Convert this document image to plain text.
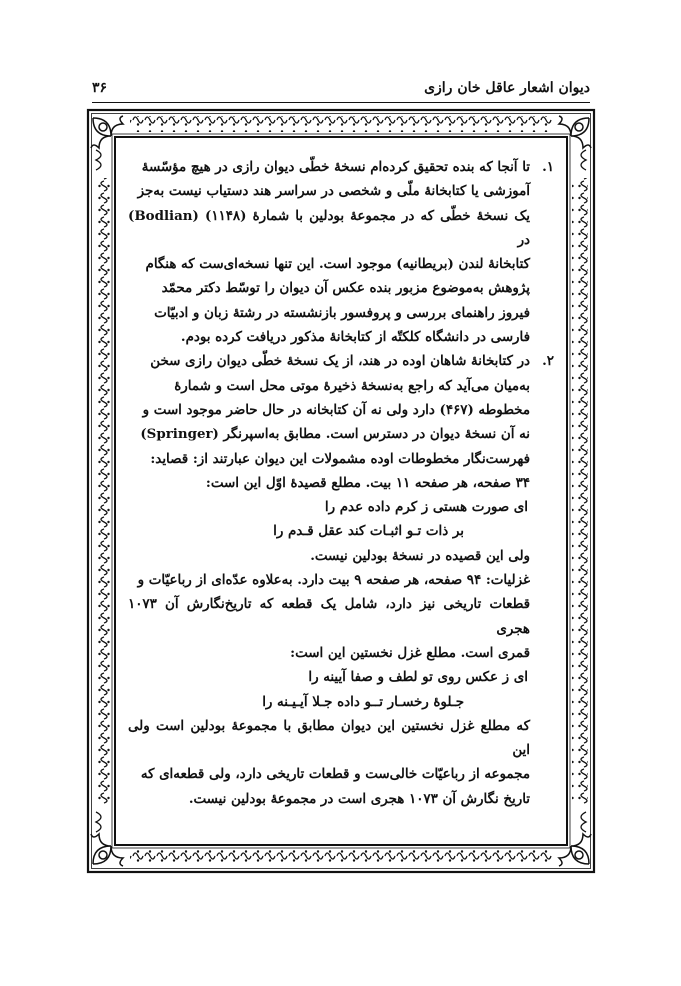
دیوان اشعار عاقل خان رازی
۳۶
۱.

تا آنجا که بنده تحقیق کرده‌ام نسخهٔ خطّی دیوان رازی در هیچ مؤسّسهٔ

آموزشی یا کتابخانهٔ ملّی و شخصی در سراسر هند دستیاب نیست به‌جز

یک نسخهٔ خطّی که در مجموعهٔ بودلین با شمارهٔ (۱۱۴۸) (Bodlian) در

کتابخانهٔ لندن (بریطانیه) موجود است. این تنها نسخه‌ای‌ست که هنگام

پژوهش به‌موضوع مزبور بنده عکس آن دیوان را توسّط دکتر محمّد

فیروز راهنمای بررسی و پروفسور بازنشسته در رشتهٔ زبان و ادبیّات

فارسی در دانشگاه کلکتّه از کتابخانهٔ مذکور دریافت کرده بودم.

۲.

در کتابخانهٔ شاهان اوده در هند، از یک نسخهٔ خطّی دیوان رازی سخن

به‌میان می‌آید که راجع به‌نسخهٔ ذخیرهٔ موتی محل است و شمارهٔ

مخطوطه (۴۶۷) دارد ولی نه آن کتابخانه در حال حاضر موجود است و

نه آن نسخهٔ دیوان در دسترس است. مطابق به‌اسپرنگر (Springer)

فهرست‌نگار مخطوطات اوده مشمولات این دیوان عبارتند از: قصاید:

۳۴ صفحه، هر صفحه ۱۱ بیت. مطلع قصیدهٔ اوّل این است:

ای صورت هستی ز کرم داده عدم را

بر ذات تـو اثبـات کند عقل قـدم را

ولی این قصیده در نسخهٔ بودلین نیست.

غزلیات: ۹۴ صفحه، هر صفحه ۹ بیت دارد. به‌علاوه عدّه‌ای از رباعیّات و

قطعات تاریخی نیز دارد، شامل یک قطعه که تاریخ‌نگارش آن ۱۰۷۳ هجری

قمری است. مطلع غزل نخستین این است:

ای ز عکس روی تو لطف و صفا آیینه را

جـلوهٔ رخسـار تــو داده جـلا آیـیـنه را

که مطلع غزل نخستین این دیوان مطابق با مجموعهٔ بودلین است ولی این

مجموعه از رباعیّات خالی‌ست و قطعات تاریخی دارد، ولی قطعه‌ای که

تاریخ نگارش آن ۱۰۷۳ هجری است در مجموعهٔ بودلین نیست.
